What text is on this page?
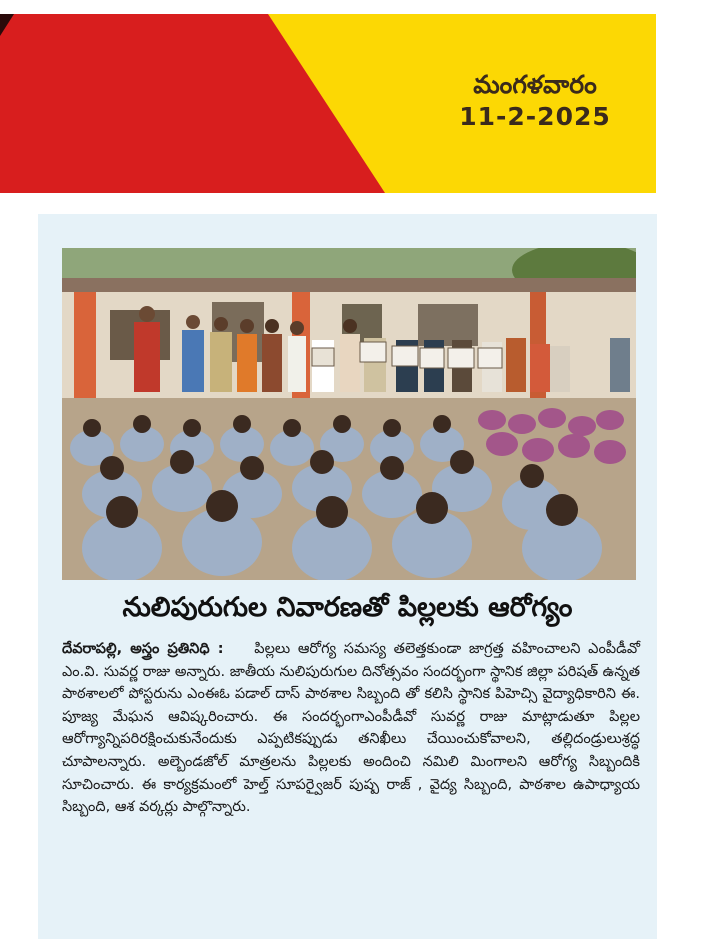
మంగళవారం
11-2-2025
నులిపురుగుల నివారణతో పిల్లలకు ఆరోగ్యం
దేవరాపల్లి, అస్త్రం ప్రతినిధి : పిల్లలు ఆరోగ్య సమస్య తలెత్తకుండా జాగ్రత్త వహించాలని ఎంపీడీవో ఎం.వి. సువర్ణ రాజు అన్నారు. జాతీయ నులిపురుగుల దినోత్సవం సందర్భంగా స్థానిక జిల్లా పరిషత్ ఉన్నత పాఠశాలలో పోస్టరును ఎంఈఓ పడాల్ దాస్ పాఠశాల సిబ్బంది తో కలిసి స్థానిక పిహెచ్సి వైద్యాధికారిని ఈ. పూజ్య మేఘన ఆవిష్కరించారు. ఈ సందర్భంగాఎంపీడీవో సువర్ణ రాజు మాట్లాడుతూ పిల్లల ఆరోగ్యాన్నిపరిరక్షించుకునేందుకు ఎప్పటికప్పుడు తనిఖీలు చేయించుకోవాలని, తల్లిదండ్రులుశ్రద్ధ చూపాలన్నారు. అల్బెండజోల్ మాత్రలను పిల్లలకు అందించి నమిలి మింగాలని ఆరోగ్య సిబ్బందికి సూచించారు. ఈ కార్యక్రమంలో హెల్త్ సూపర్వైజర్ పుష్ప రాజ్ , వైద్య సిబ్బంది, పాఠశాల ఉపాధ్యాయ సిబ్బంది, ఆశ వర్కర్లు పాల్గొన్నారు.
